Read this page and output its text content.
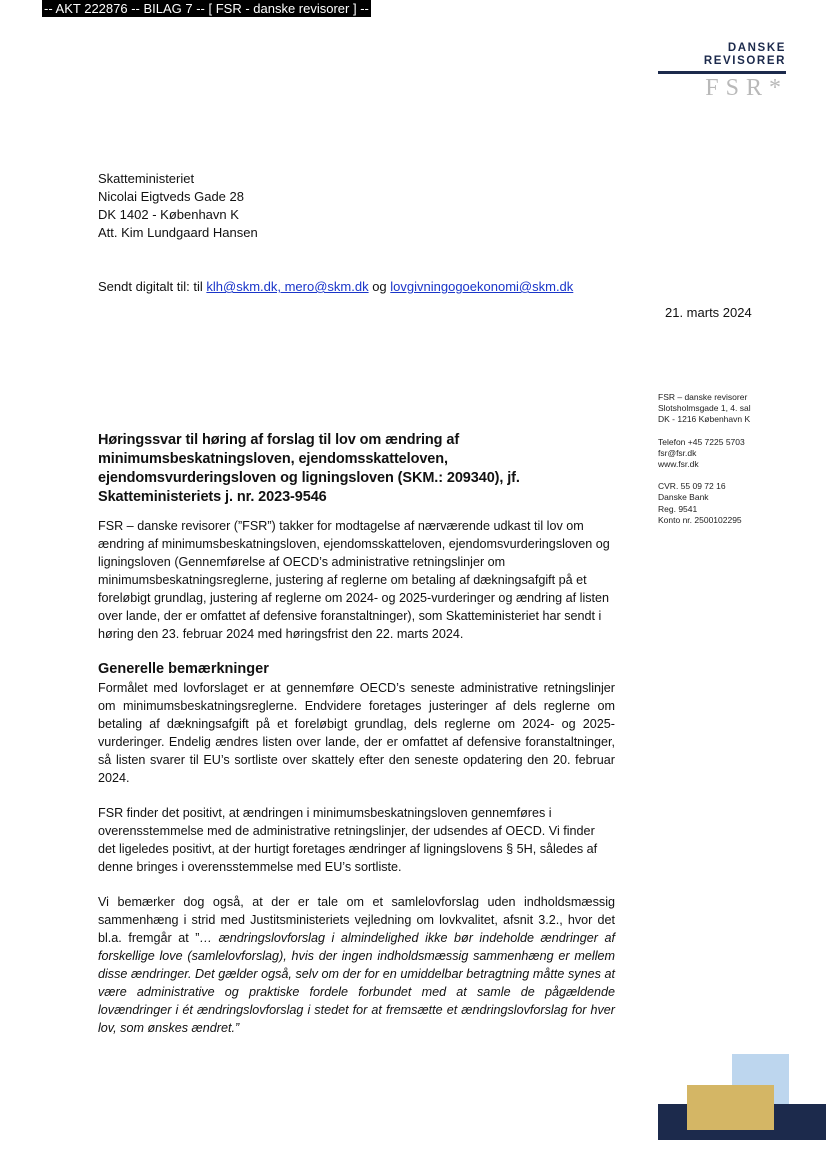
-- AKT 222876 -- BILAG 7 -- [ FSR - danske revisorer ] --
DANSKE
REVISORER
FSR*
Skatteministeriet
Nicolai Eigtveds Gade 28
DK 1402 - København K
Att. Kim Lundgaard Hansen
Sendt digitalt til: til klh@skm.dk, mero@skm.dk og lovgivningogoekonomi@skm.dk
21. marts 2024
FSR – danske revisorer
Slotsholmsgade 1, 4. sal
DK - 1216 København K
Telefon +45 7225 5703
fsr@fsr.dk
www.fsr.dk
CVR. 55 09 72 16
Danske Bank
Reg. 9541
Konto nr. 2500102295
Høringssvar til høring af forslag til lov om ændring af minimumsbeskatningsloven, ejendomsskatteloven, ejendomsvurderingsloven og ligningsloven (SKM.: 209340), jf. Skatteministeriets j. nr. 2023-9546

FSR – danske revisorer (”FSR”) takker for modtagelse af nærværende udkast til lov om ændring af minimumsbeskatningsloven, ejendomsskatteloven, ejendomsvurderingsloven og ligningsloven (Gennemførelse af OECD’s administrative retningslinjer om minimumsbeskatningsreglerne, justering af reglerne om betaling af dækningsafgift på et foreløbigt grundlag, justering af reglerne om 2024- og 2025-vurderinger og ændring af listen over lande, der er omfattet af defensive foranstaltninger), som Skatteministeriet har sendt i høring den 23. februar 2024 med høringsfrist den 22. marts 2024.

Generelle bemærkninger

Formålet med lovforslaget er at gennemføre OECD’s seneste administrative retningslinjer om minimumsbeskatningsreglerne. Endvidere foretages justeringer af dels reglerne om betaling af dækningsafgift på et foreløbigt grundlag, dels reglerne om 2024- og 2025-vurderinger. Endelig ændres listen over lande, der er omfattet af defensive foranstaltninger, så listen svarer til EU’s sortliste over skattely efter den seneste opdatering den 20. februar 2024.

FSR finder det positivt, at ændringen i minimumsbeskatningsloven gennemføres i overensstemmelse med de administrative retningslinjer, der udsendes af OECD. Vi finder det ligeledes positivt, at der hurtigt foretages ændringer af ligningslovens § 5H, således af denne bringes i overensstemmelse med EU’s sortliste.

Vi bemærker dog også, at der er tale om et samlelovforslag uden indholdsmæssig sammenhæng i strid med Justitsministeriets vejledning om lovkvalitet, afsnit 3.2., hvor det bl.a. fremgår at ”… ændringslovforslag i almindelighed ikke bør indeholde ændringer af forskellige love (samlelovforslag), hvis der ingen indholdsmæssig sammenhæng er mellem disse ændringer. Det gælder også, selv om der for en umiddelbar betragtning måtte synes at være administrative og praktiske fordele forbundet med at samle de pågældende lovændringer i ét ændringslovforslag i stedet for at fremsætte et ændringslovforslag for hver lov, som ønskes ændret.”
